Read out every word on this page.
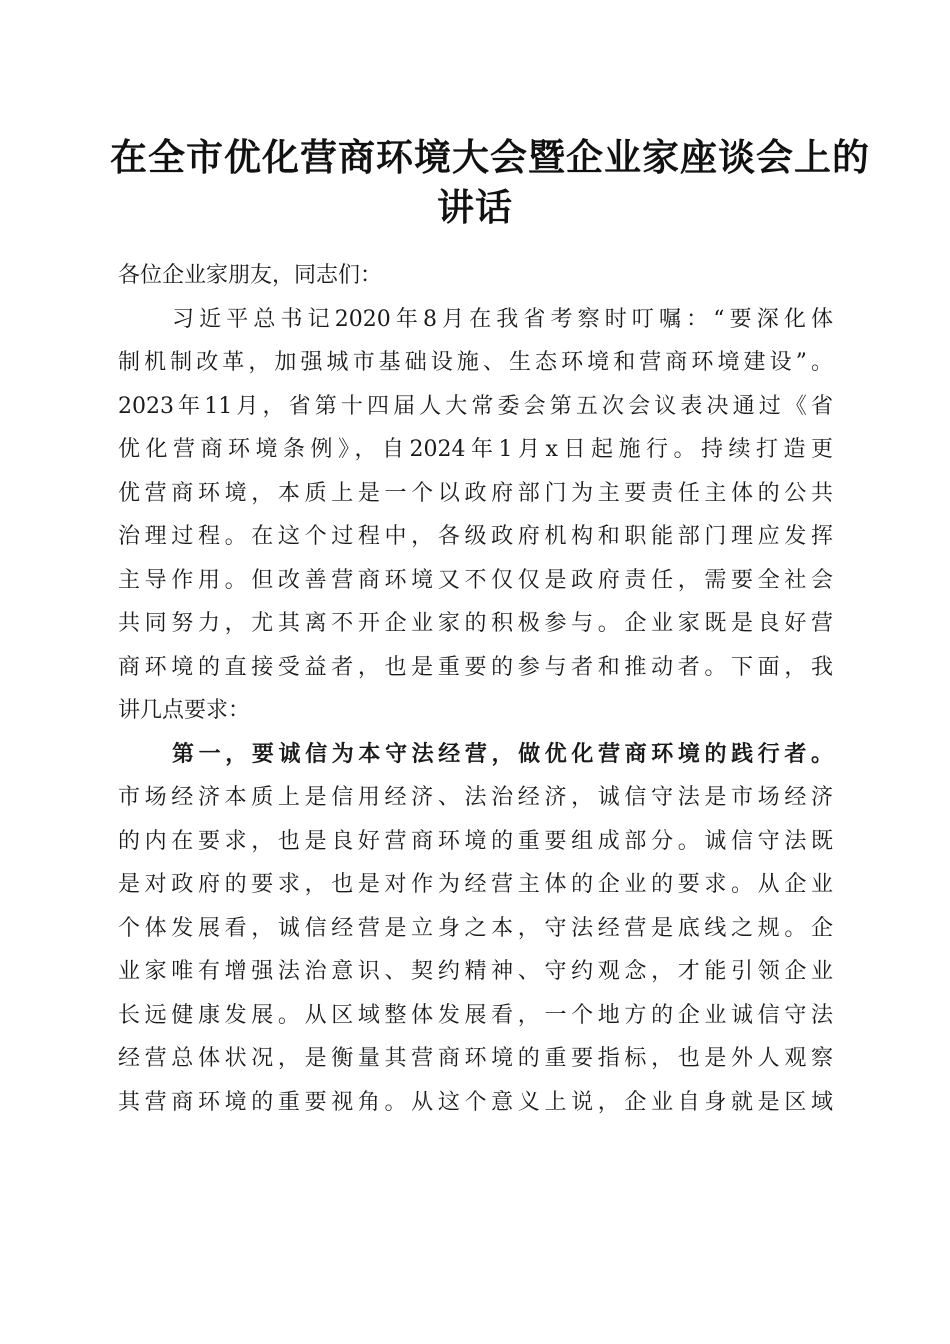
在全市优化营商环境大会暨企业家座谈会上的
讲话
各位企业家朋友，同志们：
习近平总书记2020年8月在我省考察时叮嘱：“要深化体
制机制改革，加强城市基础设施、生态环境和营商环境建设”。
2023年11月，省第十四届人大常委会第五次会议表决通过《省
优化营商环境条例》，自2024年1月x日起施行。持续打造更
优营商环境，本质上是一个以政府部门为主要责任主体的公共
治理过程。在这个过程中，各级政府机构和职能部门理应发挥
主导作用。但改善营商环境又不仅仅是政府责任，需要全社会
共同努力，尤其离不开企业家的积极参与。企业家既是良好营
商环境的直接受益者，也是重要的参与者和推动者。下面，我
讲几点要求：
第一，要诚信为本守法经营，做优化营商环境的践行者。
市场经济本质上是信用经济、法治经济，诚信守法是市场经济
的内在要求，也是良好营商环境的重要组成部分。诚信守法既
是对政府的要求，也是对作为经营主体的企业的要求。从企业
个体发展看，诚信经营是立身之本，守法经营是底线之规。企
业家唯有增强法治意识、契约精神、守约观念，才能引领企业
长远健康发展。从区域整体发展看，一个地方的企业诚信守法
经营总体状况，是衡量其营商环境的重要指标，也是外人观察
其营商环境的重要视角。从这个意义上说，企业自身就是区域
